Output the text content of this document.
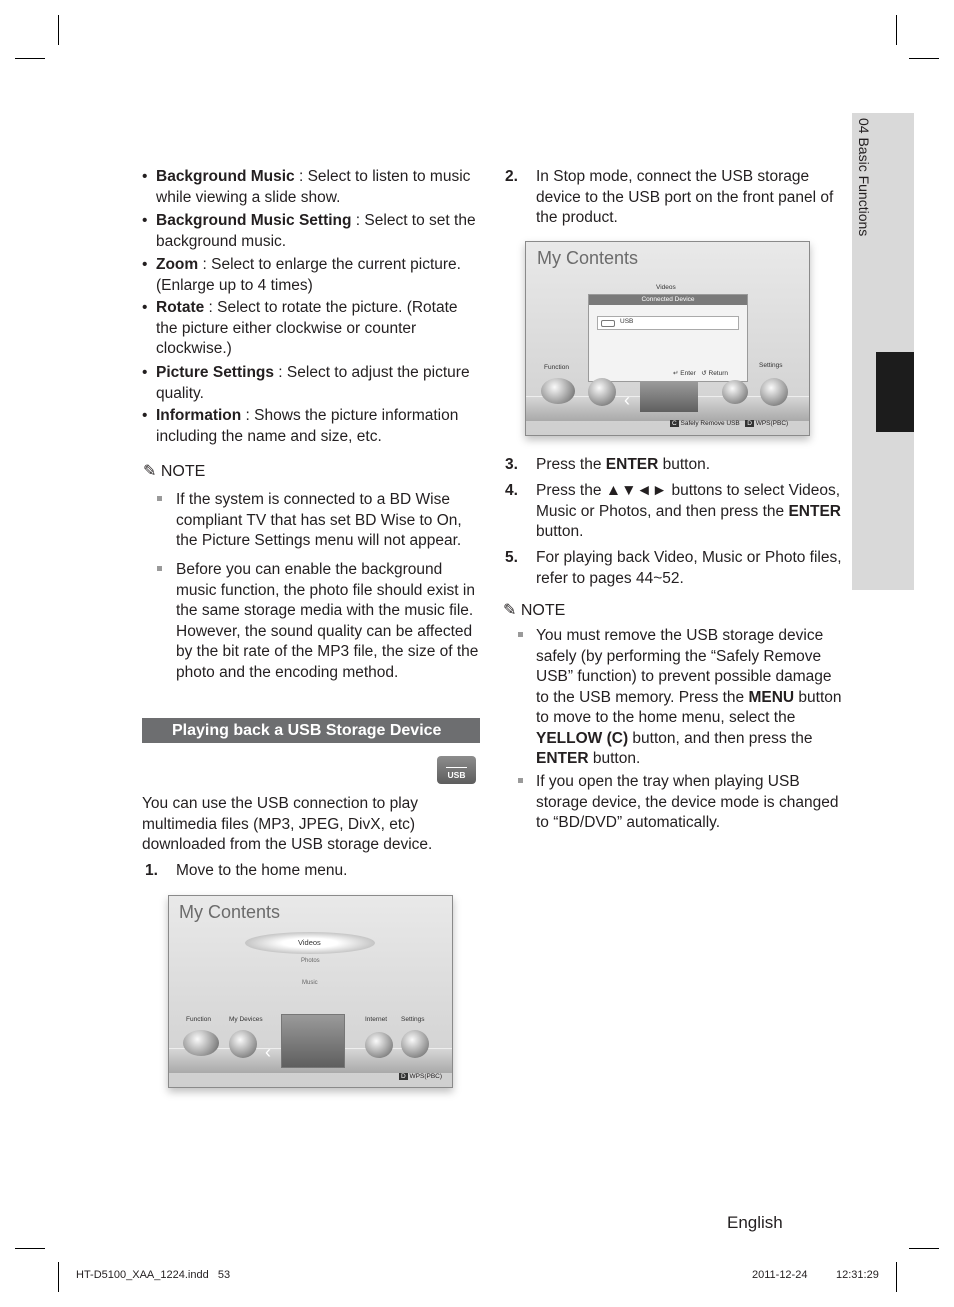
04 Basic Functions
• Background Music : Select to listen to music while viewing a slide show.
• Background Music Setting : Select to set the background music.
• Zoom : Select to enlarge the current picture. (Enlarge up to 4 times)
• Rotate : Select to rotate the picture. (Rotate the picture either clockwise or counter clockwise.)
• Picture Settings : Select to adjust the picture quality.
• Information : Shows the picture information including the name and size, etc.
✎ NOTE
If the system is connected to a BD Wise compliant TV that has set BD Wise to On, the Picture Settings menu will not appear.
Before you can enable the background music function, the photo file should exist in the same storage media with the music file. However, the sound quality can be affected by the bit rate of the MP3 file, the size of the photo and the encoding method.
Playing back a USB Storage Device
USB
You can use the USB connection to play multimedia files (MP3, JPEG, DivX, etc) downloaded from the USB storage device.
1. Move to the home menu.
My Contents
Videos
Photos
Music
Function	My Devices	Internet Settings
‹
D WPS(PBC)
2. In Stop mode, connect the USB storage device to the USB port on the front panel of the product.
My Contents
Videos
Connected Device
USB
↵ Enter ↺ Return
Function	Settings
‹
C Safely Remove USB D WPS(PBC)
3. Press the ENTER button.
4. Press the ▲▼◄► buttons to select Videos, Music or Photos, and then press the ENTER button.
5. For playing back Video, Music or Photo files, refer to pages 44~52.
✎ NOTE
You must remove the USB storage device safely (by performing the “Safely Remove USB” function) to prevent possible damage to the USB memory. Press the MENU button to move to the home menu, select the YELLOW (C) button, and then press the ENTER button.
If you open the tray when playing USB storage device, the device mode is changed to “BD/DVD” automatically.
English
HT-D5100_XAA_1224.indd   53	2011-12-24	12:31:29
